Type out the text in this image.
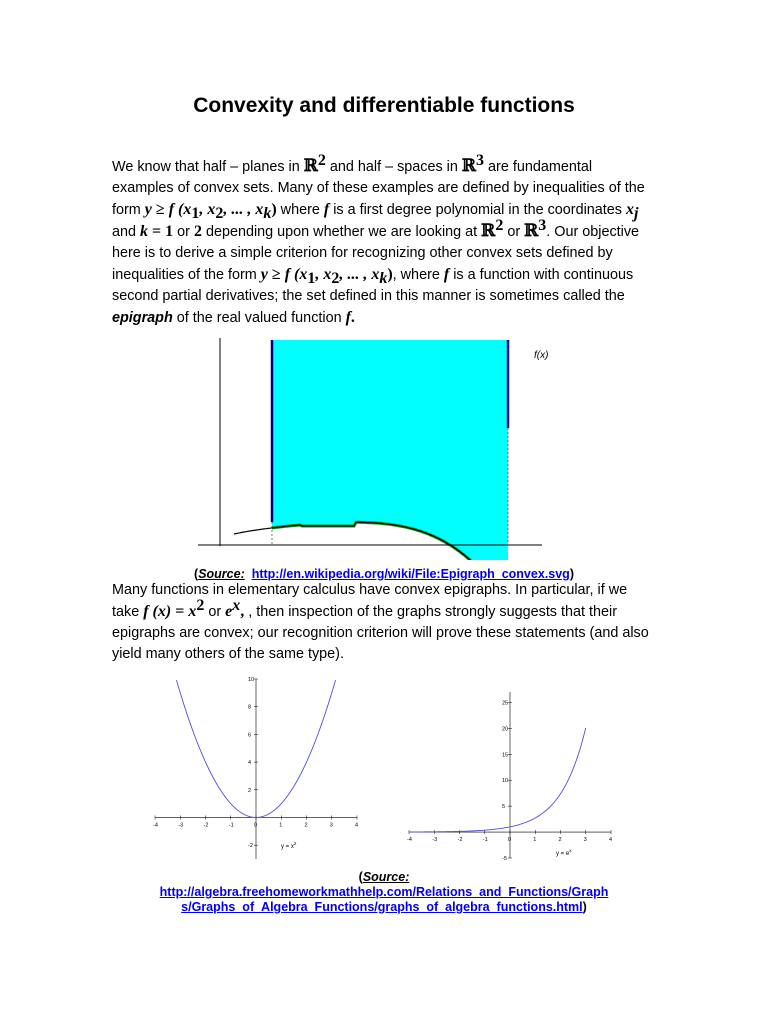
Convexity and differentiable functions
We know that half – planes in ℝ$^2$ and half – spaces in ℝ$^3$ are fundamental examples of convex sets. Many of these examples are defined by inequalities of the form y ≥ f ($x_1$, $x_2$, ... , $x_k$) where f is a first degree polynomial in the coordinates $x_j$ and k = 1 or 2 depending upon whether we are looking at ℝ$^2$ or ℝ$^3$. Our objective here is to derive a simple criterion for recognizing other convex sets defined by inequalities of the form y ≥ f ($x_1$, $x_2$, ... , $x_k$), where f is a function with continuous second partial derivatives; the set defined in this manner is sometimes called the epigraph of the real valued function f.
f(x)
(Source: http://en.wikipedia.org/wiki/File:Epigraph_convex.svg)
Many functions in elementary calculus have convex epigraphs. In particular, if we take f $(x) = x^2$ or $e^x$, , then inspection of the graphs strongly suggests that their epigraphs are convex; our recognition criterion will prove these statements (and also yield many others of the same type).
-4	-3	-2	-1	0	1	2	3	4
-2
2
4
6
8
10
$y = x^2$
-4	-3	-2	-1	0	1	2	3	4
-5
5
10
15
20
25
$y = e^x$
(Source:
http://algebra.freehomeworkmathhelp.com/Relations_and_Functions/Graph
s/Graphs_of_Algebra_Functions/graphs_of_algebra_functions.html)
